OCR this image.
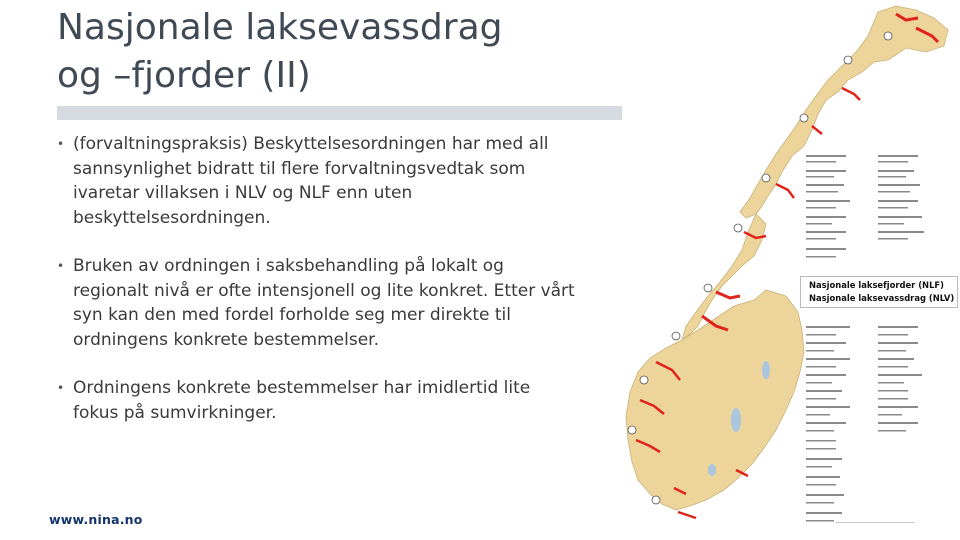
Nasjonale laksevassdrag
og –fjorder (II)
• (forvaltningspraksis) Beskyttelsesordningen har med all sannsynlighet bidratt til flere forvaltningsvedtak som ivaretar villaksen i NLV og NLF enn uten beskyttelsesordningen.
• Bruken av ordningen i saksbehandling på lokalt og regionalt nivå er ofte intensjonell og lite konkret. Etter vårt syn kan den med fordel forholde seg mer direkte til ordningens konkrete bestemmelser.
• Ordningens konkrete bestemmelser har imidlertid lite fokus på sumvirkninger.
www.nina.no
Nasjonale laksefjorder (NLF)
Nasjonale laksevassdrag (NLV)
